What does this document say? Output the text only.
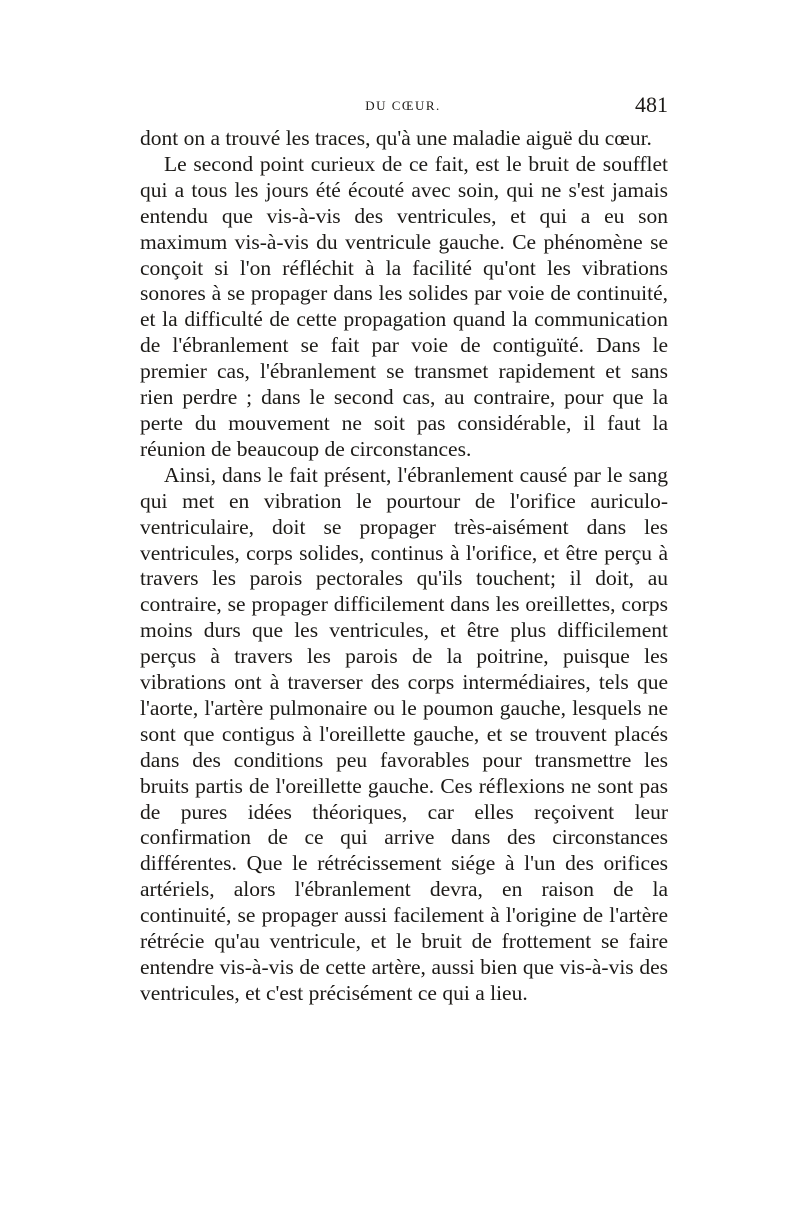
DU CŒUR.	481

dont on a trouvé les traces, qu'à une maladie aiguë du cœur.

Le second point curieux de ce fait, est le bruit de soufflet qui a tous les jours été écouté avec soin, qui ne s'est jamais entendu que vis-à-vis des ventricules, et qui a eu son maximum vis-à-vis du ventricule gauche. Ce phénomène se conçoit si l'on réfléchit à la facilité qu'ont les vibrations sonores à se propager dans les solides par voie de continuité, et la difficulté de cette propagation quand la communication de l'ébranlement se fait par voie de contiguïté. Dans le premier cas, l'ébranlement se transmet rapidement et sans rien perdre ; dans le second cas, au contraire, pour que la perte du mouvement ne soit pas considérable, il faut la réunion de beaucoup de circonstances.

Ainsi, dans le fait présent, l'ébranlement causé par le sang qui met en vibration le pourtour de l'orifice auriculo-ventriculaire, doit se propager très-aisément dans les ventricules, corps solides, continus à l'orifice, et être perçu à travers les parois pectorales qu'ils touchent; il doit, au contraire, se propager difficilement dans les oreillettes, corps moins durs que les ventricules, et être plus difficilement perçus à travers les parois de la poitrine, puisque les vibrations ont à traverser des corps intermédiaires, tels que l'aorte, l'artère pulmonaire ou le poumon gauche, lesquels ne sont que contigus à l'oreillette gauche, et se trouvent placés dans des conditions peu favorables pour transmettre les bruits partis de l'oreillette gauche. Ces réflexions ne sont pas de pures idées théoriques, car elles reçoivent leur confirmation de ce qui arrive dans des circonstances différentes. Que le rétrécissement siége à l'un des orifices artériels, alors l'ébranlement devra, en raison de la continuité, se propager aussi facilement à l'origine de l'artère rétrécie qu'au ventricule, et le bruit de frottement se faire entendre vis-à-vis de cette artère, aussi bien que vis-à-vis des ventricules, et c'est précisément ce qui a lieu.
